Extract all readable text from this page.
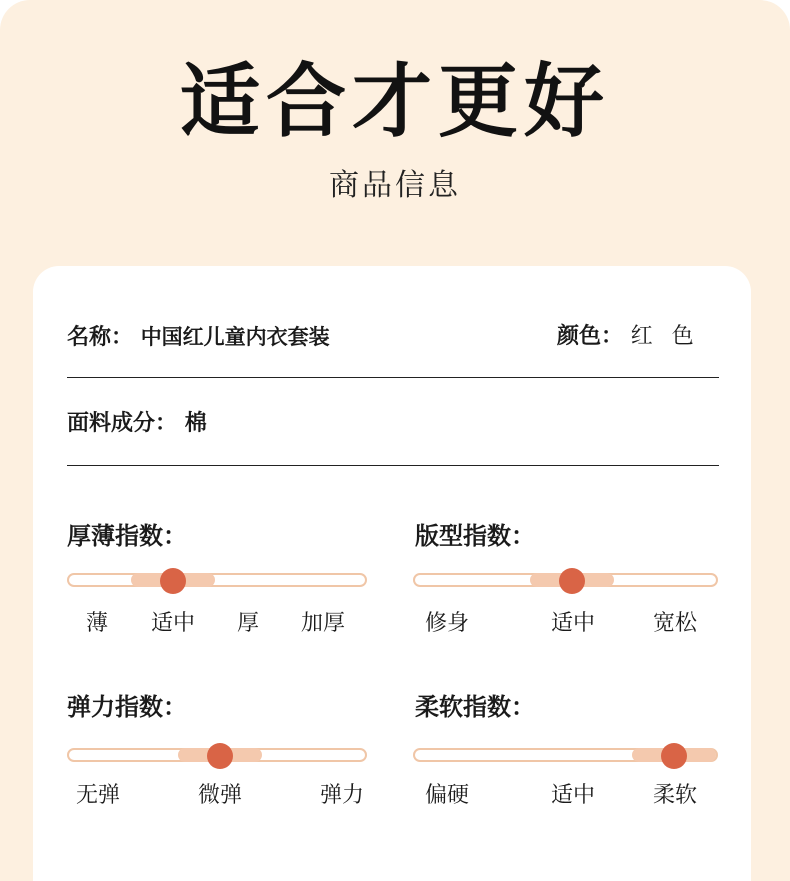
适合才更好
商品信息
名称： 中国红儿童内衣套装	颜色： 红 色
面料成分： 棉
厚薄指数：
薄 适中 厚 加厚
版型指数：
修身	适中	宽松
弹力指数：
无弹	微弹	弹力
柔软指数：
偏硬	适中	柔软
